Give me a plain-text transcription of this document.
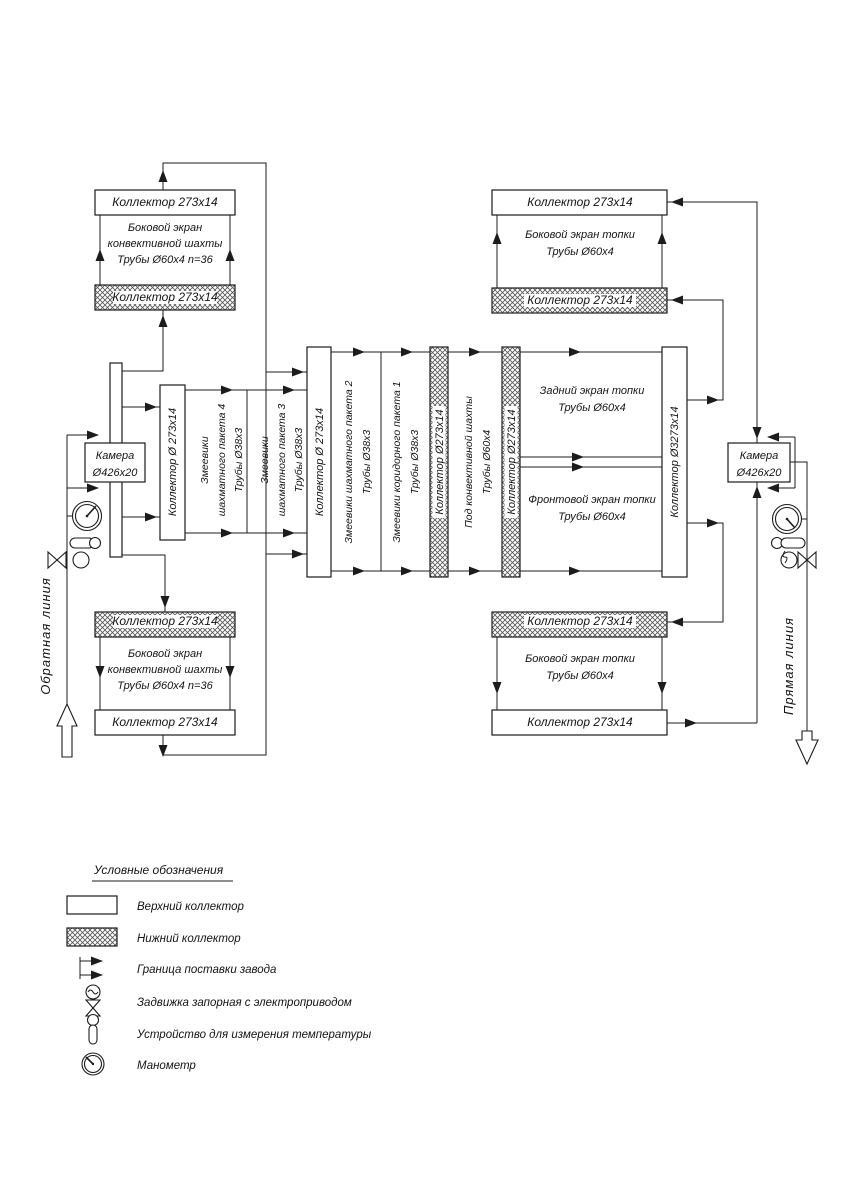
Коллектор 273х14
Боковой экран
конвективной шахты
Трубы Ø60х4 n=36
Коллектор 273х14
Коллектор 273х14
Боковой экран
конвективной шахты
Трубы Ø60х4 n=36
Коллектор 273х14
Коллектор 273х14
Боковой экран топки
Трубы Ø60х4
Коллектор 273х14
Коллектор 273х14
Боковой экран топки
Трубы Ø60х4
Коллектор 273х14
Камера
Ø426х20	Коллектор Ø 273х14 Змеевики шахматного пакета 4 Трубы Ø38х3 Змеевики шахматного пакета 3 Трубы Ø38х3 Коллектор Ø 273х14 Змеевики шахматного пакета 2 Трубы Ø38х3 Змеевики коридорного пакета 1 Трубы Ø38х3 Коллектор Ø273х14 Под конвективной шахты Трубы Ø60х4 Коллектор Ø273х14
Задний экран топки
Трубы Ø60х4
Фронтовой экран топки
Трубы Ø60х4	Коллектор Ø3273х14	Камера
Ø426х20
Обратная линия	Прямая линия
Условные обозначения
Верхний коллектор
Нижний коллектор
Граница поставки завода
Задвижка запорная с электроприводом
Устройство для измерения температуры
Манометр
